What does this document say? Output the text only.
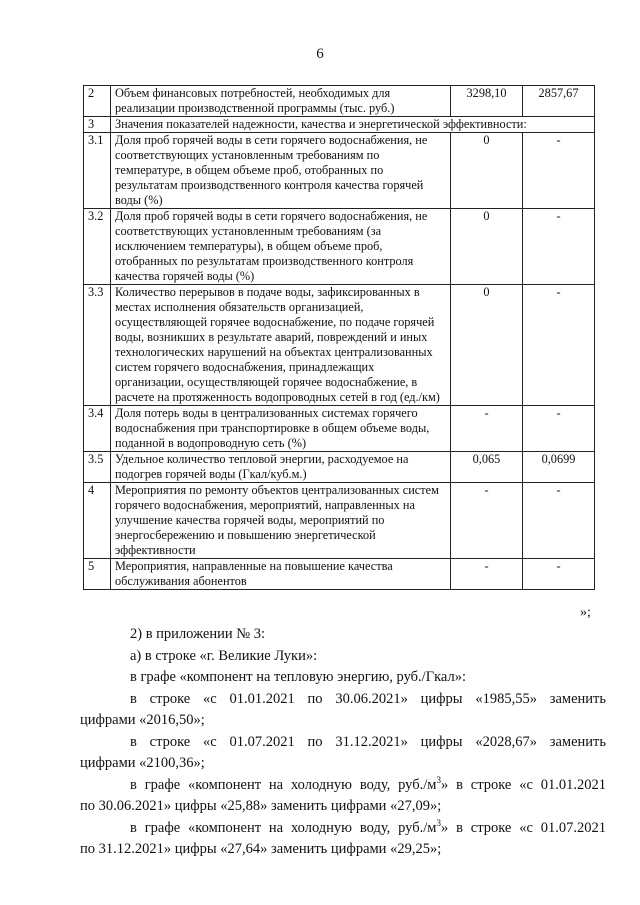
6
2	Объем финансовых потребностей, необходимых для реализации производственной программы (тыс. руб.)	3298,10	2857,67
3	Значения показателей надежности, качества и энергетической эффективности:		
3.1	Доля проб горячей воды в сети горячего водоснабжения, не соответствующих установленным требованиям по температуре, в общем объеме проб, отобранных по результатам производственного контроля качества горячей воды (%)	0	-
3.2	Доля проб горячей воды в сети горячего водоснабжения, не соответствующих установленным требованиям (за исключением температуры), в общем объеме проб, отобранных по результатам производственного контроля качества горячей воды (%)	0	-
3.3	Количество перерывов в подаче воды, зафиксированных в местах исполнения обязательств организацией, осуществляющей горячее водоснабжение, по подаче горячей воды, возникших в результате аварий, повреждений и иных технологических нарушений на объектах централизованных систем горячего водоснабжения, принадлежащих организации, осуществляющей горячее водоснабжение, в расчете на протяженность водопроводных сетей в год (ед./км)	0	-
3.4	Доля потерь воды в централизованных системах горячего водоснабжения при транспортировке в общем объеме воды, поданной в водопроводную сеть (%)	-	-
3.5	Удельное количество тепловой энергии, расходуемое на подогрев горячей воды (Гкал/куб.м.)	0,065	0,0699
4	Мероприятия по ремонту объектов централизованных систем горячего водоснабжения, мероприятий, направленных на улучшение качества горячей воды, мероприятий по энергосбережению и повышению энергетической эффективности	-	-
5	Мероприятия, направленные на повышение качества обслуживания абонентов	-	-
»;

2) в приложении № 3:

а) в строке «г. Великие Луки»:

в графе «компонент на тепловую энергию, руб./Гкал»:

в строке «с 01.01.2021 по 30.06.2021» цифры «1985,55» заменить

цифрами «2016,50»;

в строке «с 01.07.2021 по 31.12.2021» цифры «2028,67» заменить

цифрами «2100,36»;

в графе «компонент на холодную воду, $руб./м^3$» в строке «с 01.01.2021

по 30.06.2021» цифры «25,88» заменить цифрами «27,09»;

в графе «компонент на холодную воду, $руб./м^3$» в строке «с 01.07.2021

по 31.12.2021» цифры «27,64» заменить цифрами «29,25»;
